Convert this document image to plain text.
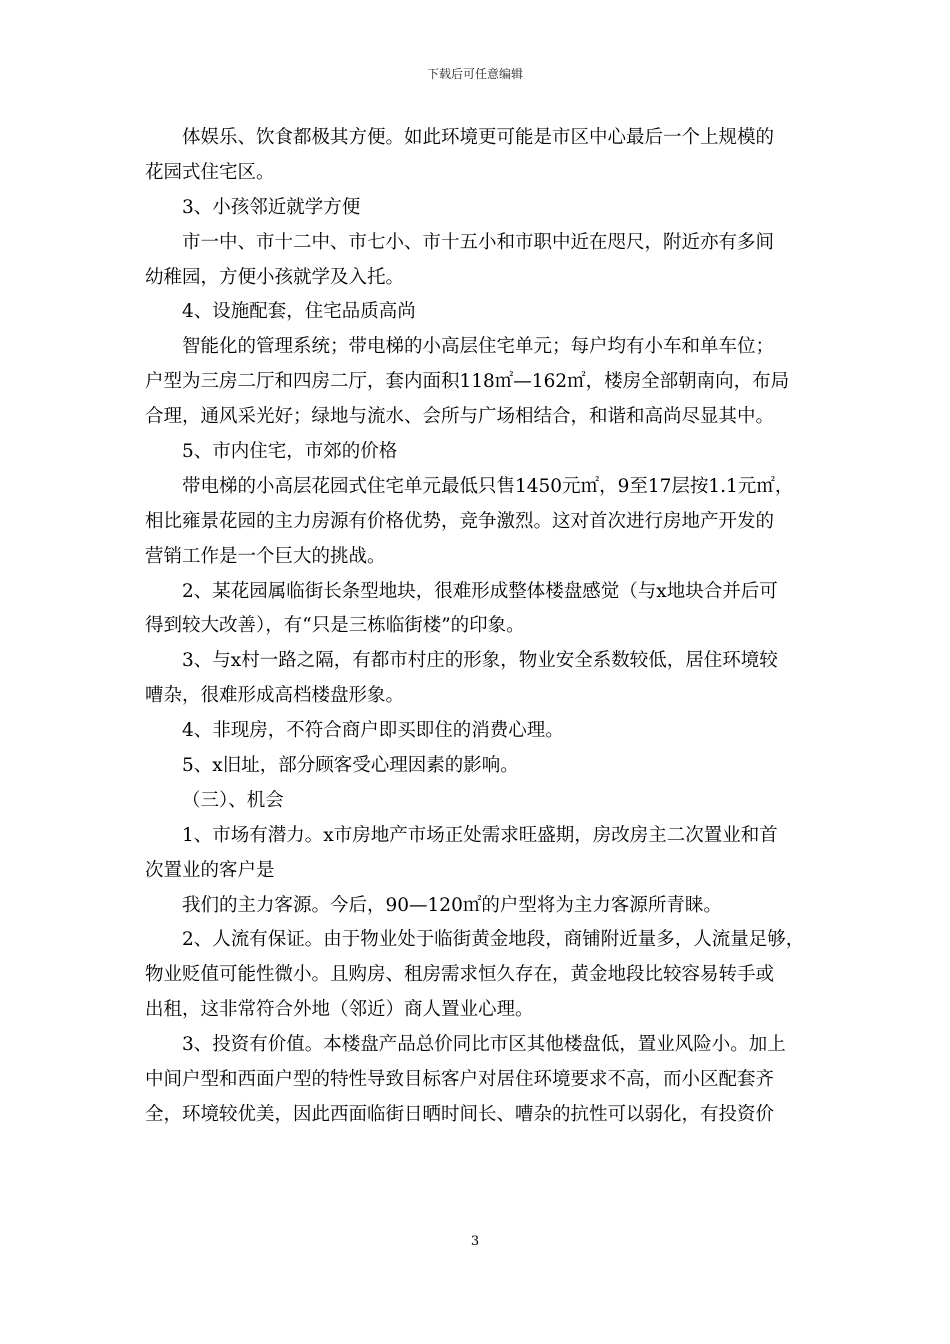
下载后可任意编辑
体娱乐、饮食都极其方便。如此环境更可能是市区中心最后一个上规模的
花园式住宅区。
3、小孩邻近就学方便
市一中、市十二中、市七小、市十五小和市职中近在咫尺，附近亦有多间
幼稚园，方便小孩就学及入托。
4、设施配套，住宅品质高尚
智能化的管理系统；带电梯的小高层住宅单元；每户均有小车和单车位；
户型为三房二厅和四房二厅，套内面积118㎡—162㎡，楼房全部朝南向，布局
合理，通风采光好；绿地与流水、会所与广场相结合，和谐和高尚尽显其中。
5、市内住宅，市郊的价格
带电梯的小高层花园式住宅单元最低只售1450元㎡，9至17层按1.1元㎡，
相比雍景花园的主力房源有价格优势，竞争激烈。这对首次进行房地产开发的
营销工作是一个巨大的挑战。
2、某花园属临街长条型地块，很难形成整体楼盘感觉（与x地块合并后可
得到较大改善），有“只是三栋临街楼”的印象。
3、与x村一路之隔，有都市村庄的形象，物业安全系数较低，居住环境较
嘈杂，很难形成高档楼盘形象。
4、非现房，不符合商户即买即住的消费心理。
5、x旧址，部分顾客受心理因素的影响。
（三）、机会
1、市场有潜力。x市房地产市场正处需求旺盛期，房改房主二次置业和首
次置业的客户是
我们的主力客源。今后，90—120㎡的户型将为主力客源所青睐。
2、人流有保证。由于物业处于临街黄金地段，商铺附近量多，人流量足够，
物业贬值可能性微小。且购房、租房需求恒久存在，黄金地段比较容易转手或
出租，这非常符合外地（邻近）商人置业心理。
3、投资有价值。本楼盘产品总价同比市区其他楼盘低，置业风险小。加上
中间户型和西面户型的特性导致目标客户对居住环境要求不高，而小区配套齐
全，环境较优美，因此西面临街日晒时间长、嘈杂的抗性可以弱化，有投资价
3
